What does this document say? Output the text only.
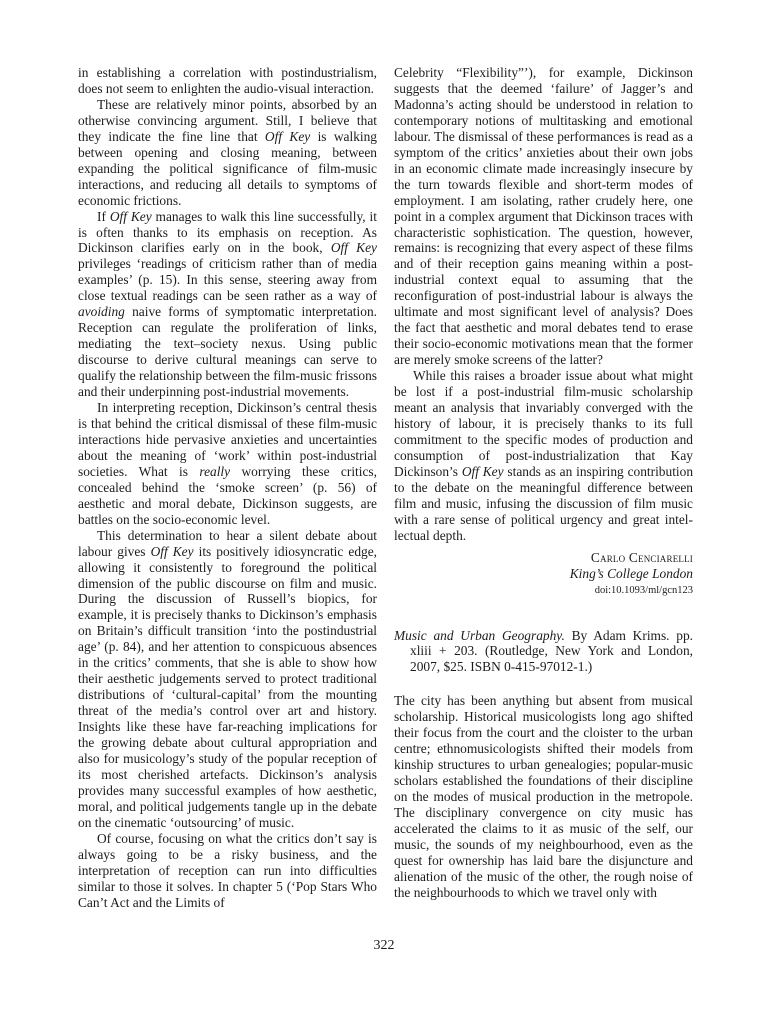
in establishing a correlation with postindustrialism, does not seem to enlighten the audio-visual interaction.

These are relatively minor points, absorbed by an otherwise convincing argument. Still, I believe that they indicate the fine line that Off Key is walking between opening and closing meaning, between expanding the political significance of film-music interactions, and reducing all details to symptoms of economic frictions.

If Off Key manages to walk this line successfully, it is often thanks to its emphasis on reception. As Dickinson clarifies early on in the book, Off Key privileges ‘readings of criticism rather than of media examples’ (p. 15). In this sense, steering away from close textual readings can be seen rather as a way of avoiding naive forms of symptomatic interpretation. Reception can regulate the proliferation of links, mediating the text–society nexus. Using public discourse to derive cultural meanings can serve to qualify the relationship between the film-music frissons and their underpinning post-industrial movements.

In interpreting reception, Dickinson’s central thesis is that behind the critical dismissal of these film-music interactions hide pervasive anxieties and uncertainties about the meaning of ‘work’ within post-industrial societies. What is really worrying these critics, concealed behind the ‘smoke screen’ (p. 56) of aesthetic and moral debate, Dickinson suggests, are battles on the socio-economic level.

This determination to hear a silent debate about labour gives Off Key its positively idiosyncratic edge, allowing it consistently to foreground the political dimension of the public discourse on film and music. During the discussion of Russell’s biopics, for example, it is precisely thanks to Dickinson’s emphasis on Britain’s difficult transition ‘into the postindustrial age’ (p. 84), and her attention to conspicuous absences in the critics’ comments, that she is able to show how their aesthetic judgements served to protect traditional distributions of ‘cultural-capital’ from the mounting threat of the media’s control over art and history. Insights like these have far-reaching implications for the growing debate about cultural appropriation and also for musicology’s study of the popular reception of its most cherished artefacts. Dickinson’s analysis provides many successful examples of how aesthetic, moral, and political judgements tangle up in the debate on the cinematic ‘outsourcing’ of music.

Of course, focusing on what the critics don’t say is always going to be a risky business, and the interpretation of reception can run into difficulties similar to those it solves. In chapter 5 (‘Pop Stars Who Can’t Act and the Limits of

Celebrity “Flexibility”’), for example, Dickinson suggests that the deemed ‘failure’ of Jagger’s and Madonna’s acting should be understood in relation to contemporary notions of multitasking and emotional labour. The dismissal of these performances is read as a symptom of the critics’ anxieties about their own jobs in an economic climate made increasingly insecure by the turn towards flexible and short-term modes of employment. I am isolating, rather crudely here, one point in a complex argument that Dickinson traces with characteristic sophistication. The question, however, remains: is recognizing that every aspect of these films and of their reception gains meaning within a post-industrial context equal to assuming that the reconfiguration of post-industrial labour is always the ultimate and most significant level of analysis? Does the fact that aesthetic and moral debates tend to erase their socio-economic motivations mean that the former are merely smoke screens of the latter?

While this raises a broader issue about what might be lost if a post-industrial film-music scholarship meant an analysis that invariably converged with the history of labour, it is precisely thanks to its full commitment to the specific modes of production and consumption of post-industrialization that Kay Dickinson’s Off Key stands as an inspiring contribution to the debate on the meaningful difference between film and music, infusing the discussion of film music with a rare sense of political urgency and great intellectual depth.

Carlo Cenciarelli
King’s College London
doi:10.1093/ml/gcn123

Music and Urban Geography. By Adam Krims. pp. xliii + 203. (Routledge, New York and London, 2007, $25. ISBN 0-415-97012-1.)

The city has been anything but absent from musical scholarship. Historical musicologists long ago shifted their focus from the court and the cloister to the urban centre; ethnomusicologists shifted their models from kinship structures to urban genealogies; popular-music scholars established the foundations of their discipline on the modes of musical production in the metropole. The disciplinary convergence on city music has accelerated the claims to it as music of the self, our music, the sounds of my neighbourhood, even as the quest for ownership has laid bare the disjuncture and alienation of the music of the other, the rough noise of the neighbourhoods to which we travel only with

322
